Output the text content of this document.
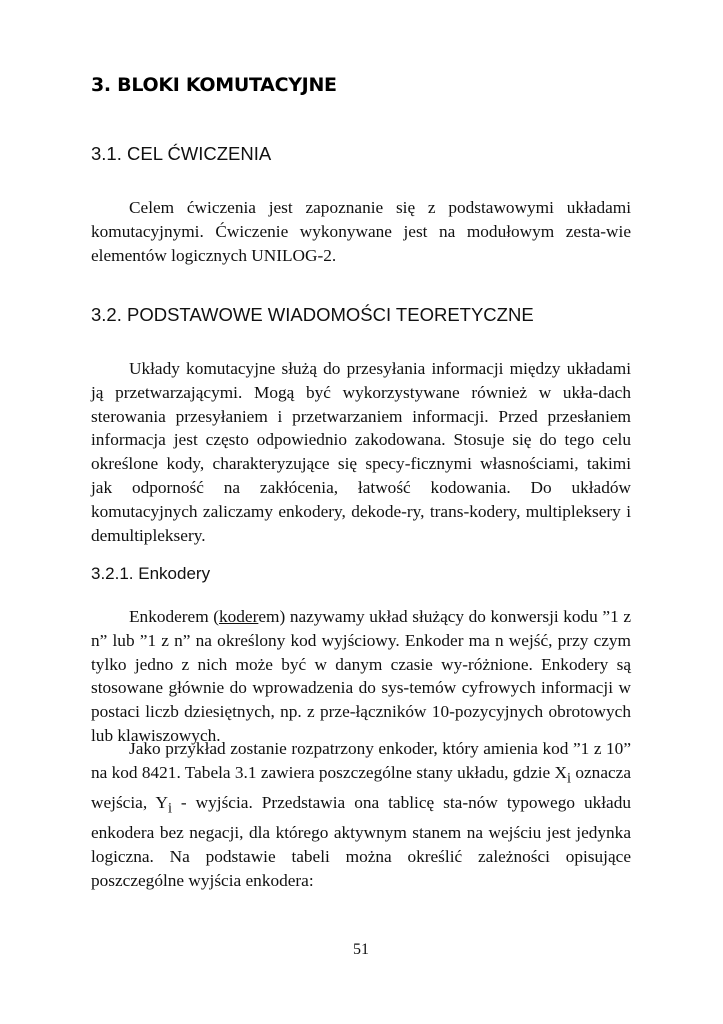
3. BLOKI KOMUTACYJNE
3.1. CEL ĆWICZENIA

Celem ćwiczenia jest zapoznanie się z podstawowymi układami komutacyjnymi. Ćwiczenie wykonywane jest na modułowym zesta-wie elementów logicznych UNILOG-2.

3.2. PODSTAWOWE WIADOMOŚCI TEORETYCZNE

Układy komutacyjne służą do przesyłania informacji między układami ją przetwarzającymi. Mogą być wykorzystywane również w ukła-dach sterowania przesyłaniem i przetwarzaniem informacji. Przed przesłaniem informacja jest często odpowiednio zakodowana. Stosuje się do tego celu określone kody, charakteryzujące się specy-ficznymi własnościami, takimi jak odporność na zakłócenia, łatwość kodowania. Do układów komutacyjnych zaliczamy enkodery, dekode-ry, trans-kodery, multipleksery i demultipleksery.

3.2.1. Enkodery

Enkoderem (koderem) nazywamy układ służący do konwersji kodu ”1 z n” lub ”1 z n” na określony kod wyjściowy. Enkoder ma n wejść, przy czym tylko jedno z nich może być w danym czasie wy-różnione. Enkodery są stosowane głównie do wprowadzenia do sys-temów cyfrowych informacji w postaci liczb dziesiętnych, np. z prze-łączników 10-pozycyjnych obrotowych lub klawiszowych.

Jako przykład zostanie rozpatrzony enkoder, który amienia kod ”1 z 10” na kod 8421. Tabela 3.1 zawiera poszczególne stany układu, gdzie $X_i$ oznacza wejścia, $Y_i$ - wyjścia. Przedstawia ona tablicę sta-nów typowego układu enkodera bez negacji, dla którego aktywnym stanem na wejściu jest jedynka logiczna. Na podstawie tabeli można określić zależności opisujące poszczególne wyjścia enkodera:

51
